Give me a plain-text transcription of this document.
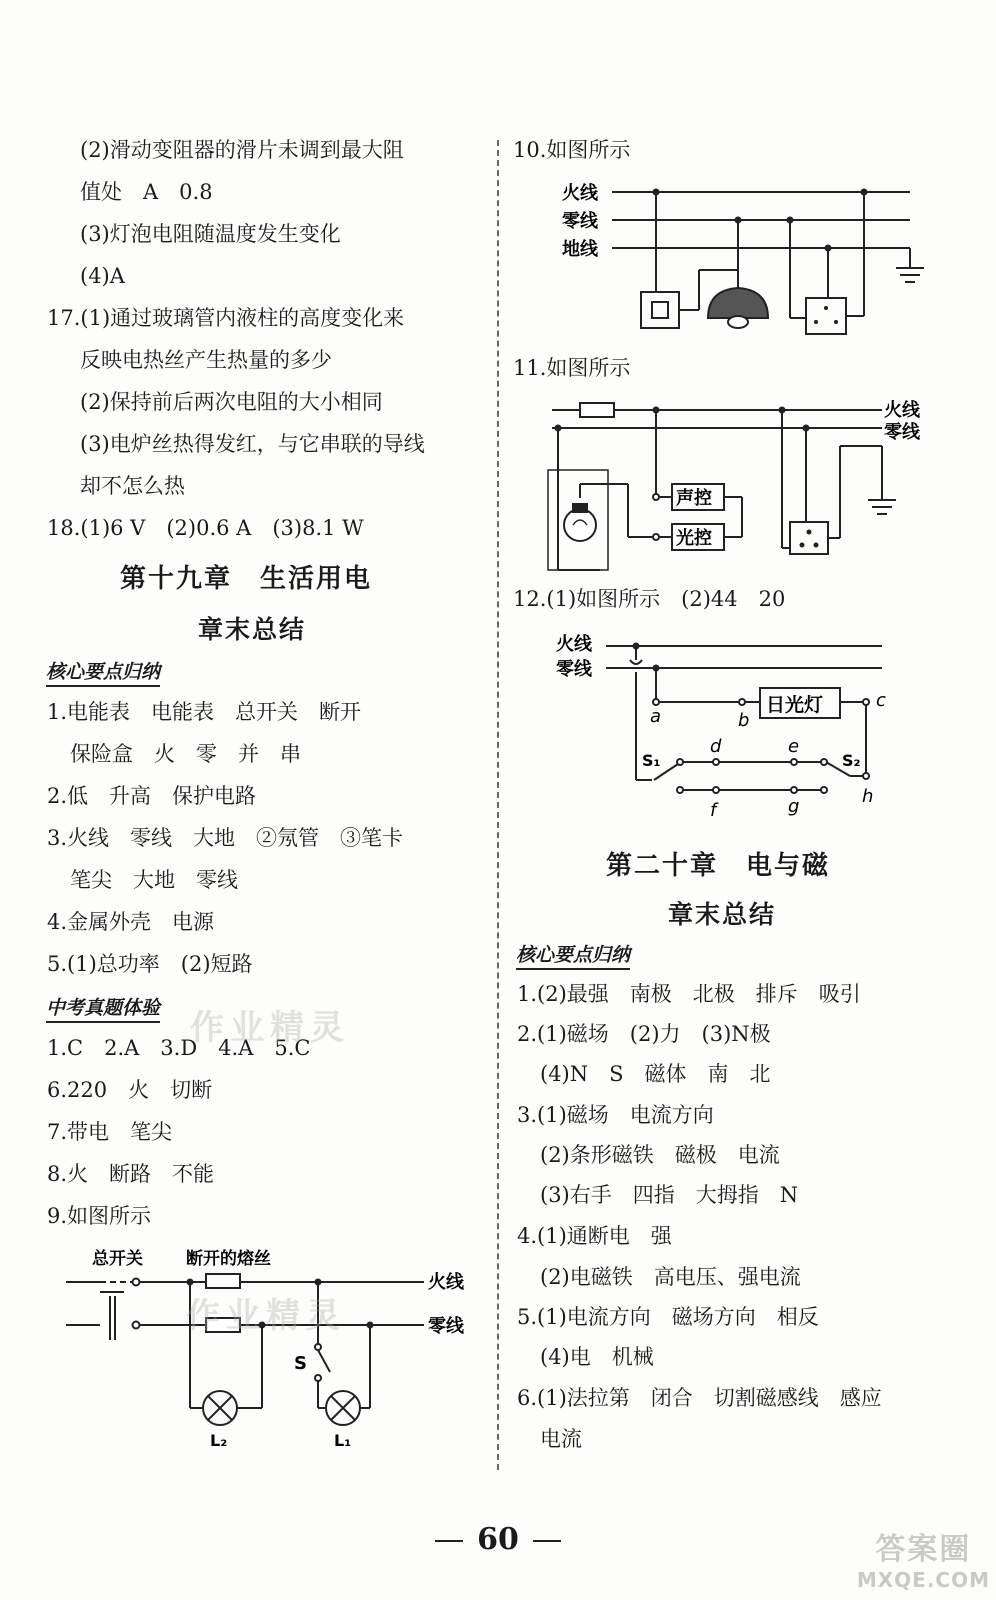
(2)滑动变阻器的滑片未调到最大阻
值处　A　0.8
(3)灯泡电阻随温度发生变化
(4)A
17.(1)通过玻璃管内液柱的高度变化来
反映电热丝产生热量的多少
(2)保持前后两次电阻的大小相同
(3)电炉丝热得发红，与它串联的导线
却不怎么热
18.(1)6 V　(2)0.6 A　(3)8.1 W
第十九章　生活用电
章末总结
核心要点归纳
1.电能表　电能表　总开关　断开
保险盒　火　零　并　串
2.低　升高　保护电路
3.火线　零线　大地　②氖管　③笔卡
笔尖　大地　零线
4.金属外壳　电源
5.(1)总功率　(2)短路
中考真题体验
1.C　2.A　3.D　4.A　5.C
6.220　火　切断
7.带电　笔尖
8.火　断路　不能
9.如图所示
总开关	断开的熔丝
火线
零线
S
L₂	L₁
10.如图所示
火线
零线
地线
火线
零线
声控
光控
火线
零线
日光灯
a	b
c
d	e
f	g	h
S₁	S₂
11.如图所示
12.(1)如图所示　(2)44　20
第二十章　电与磁
章末总结
核心要点归纳
1.(2)最强　南极　北极　排斥　吸引
2.(1)磁场　(2)力　(3)N极
(4)N　S　磁体　南　北
3.(1)磁场　电流方向
(2)条形磁铁　磁极　电流
(3)右手　四指　大拇指　N
4.(1)通断电　强
(2)电磁铁　高电压、强电流
5.(1)电流方向　磁场方向　相反
(4)电　机械
6.(1)法拉第　闭合　切割磁感线　感应
电流
作业精灵
作业精灵
60	答案圈
MXQE.COM
